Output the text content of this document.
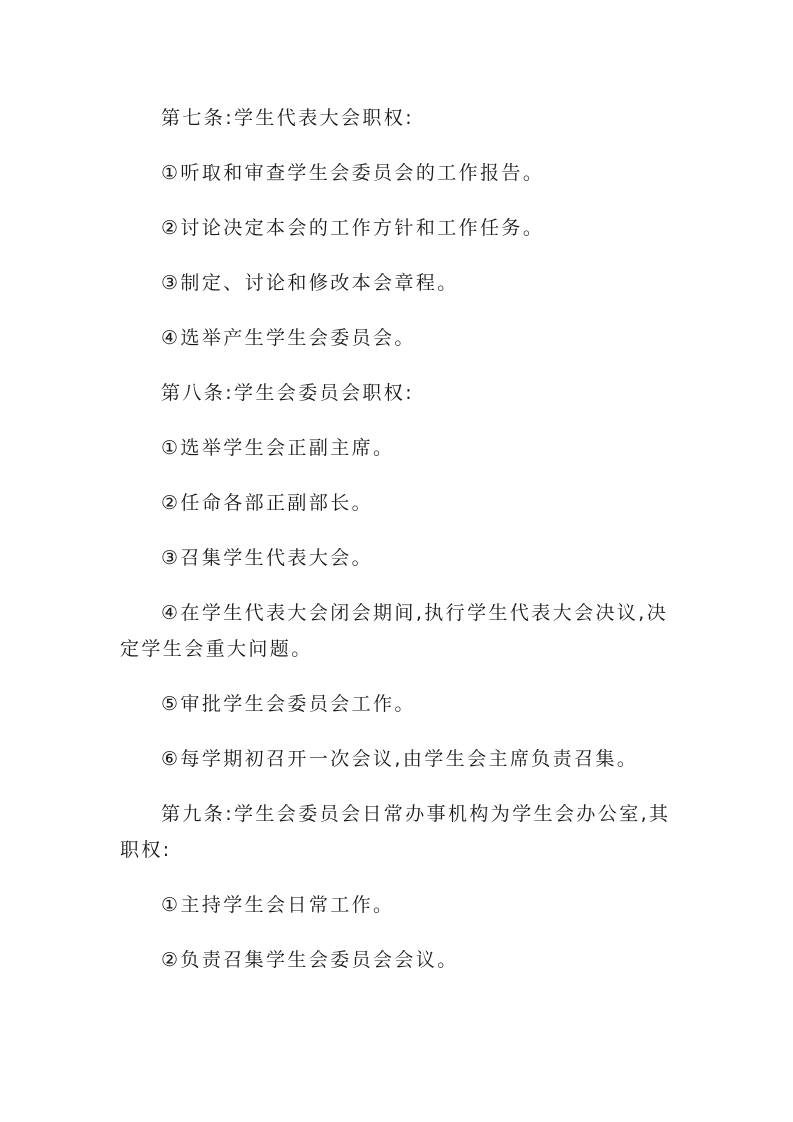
第七条:学生代表大会职权:

①听取和审查学生会委员会的工作报告。

②讨论决定本会的工作方针和工作任务。

③制定、讨论和修改本会章程。

④选举产生学生会委员会。

第八条:学生会委员会职权:

①选举学生会正副主席。

②任命各部正副部长。

③召集学生代表大会。

④在学生代表大会闭会期间,执行学生代表大会决议,决定学生会重大问题。

⑤审批学生会委员会工作。

⑥每学期初召开一次会议,由学生会主席负责召集。

第九条:学生会委员会日常办事机构为学生会办公室,其职权:

①主持学生会日常工作。

②负责召集学生会委员会会议。
